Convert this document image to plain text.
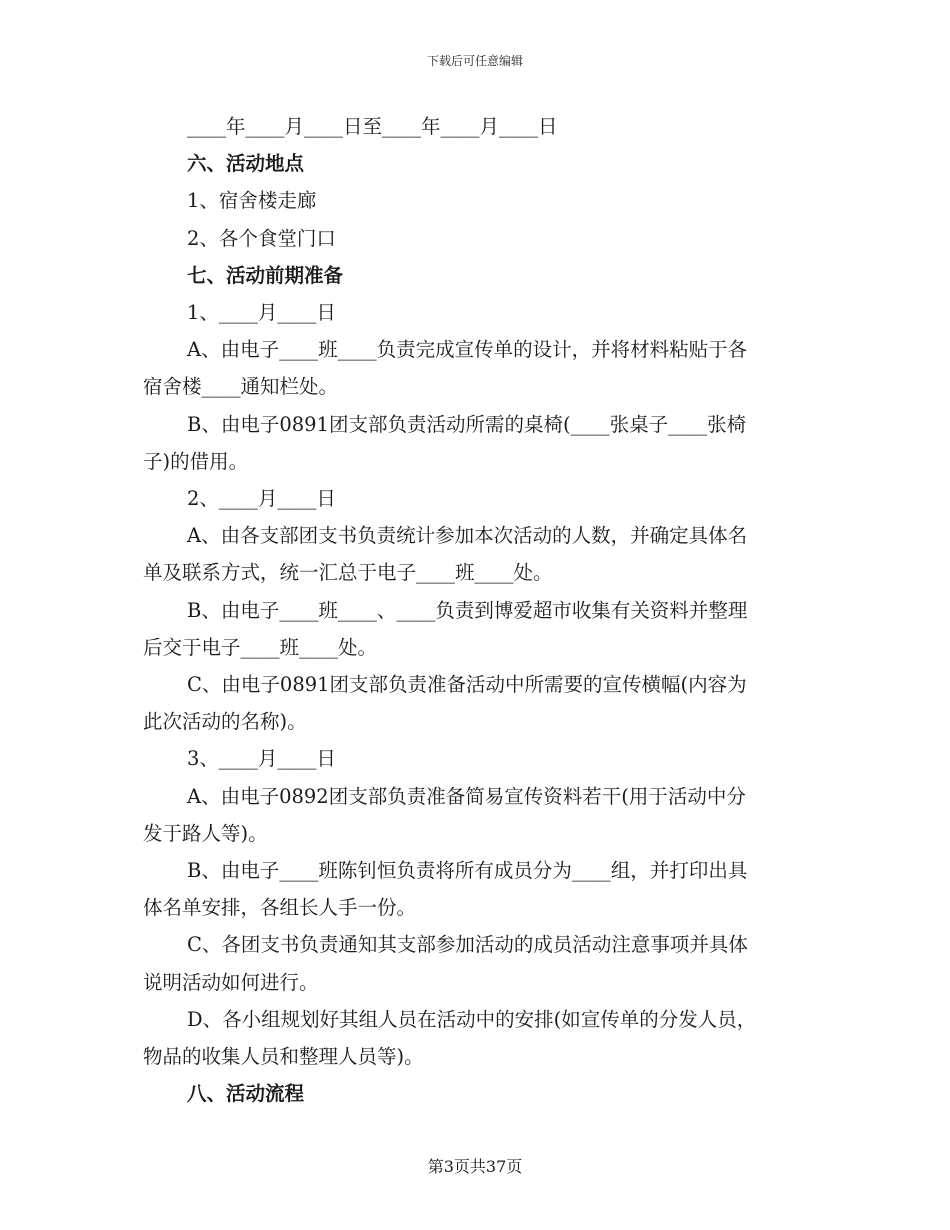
下载后可任意编辑

____年____月____日至____年____月____日

六、活动地点

1、宿舍楼走廊

2、各个食堂门口

七、活动前期准备

1、____月____日

A、由电子____班____负责完成宣传单的设计，并将材料粘贴于各

宿舍楼____通知栏处。

B、由电子0891团支部负责活动所需的桌椅(____张桌子____张椅

子)的借用。

2、____月____日

A、由各支部团支书负责统计参加本次活动的人数，并确定具体名

单及联系方式，统一汇总于电子____班____处。

B、由电子____班____、____负责到博爱超市收集有关资料并整理

后交于电子____班____处。

C、由电子0891团支部负责准备活动中所需要的宣传横幅(内容为

此次活动的名称)。

3、____月____日

A、由电子0892团支部负责准备简易宣传资料若干(用于活动中分

发于路人等)。

B、由电子____班陈钊恒负责将所有成员分为____组，并打印出具

体名单安排，各组长人手一份。

C、各团支书负责通知其支部参加活动的成员活动注意事项并具体

说明活动如何进行。

D、各小组规划好其组人员在活动中的安排(如宣传单的分发人员，

物品的收集人员和整理人员等)。

八、活动流程

第3页共37页
